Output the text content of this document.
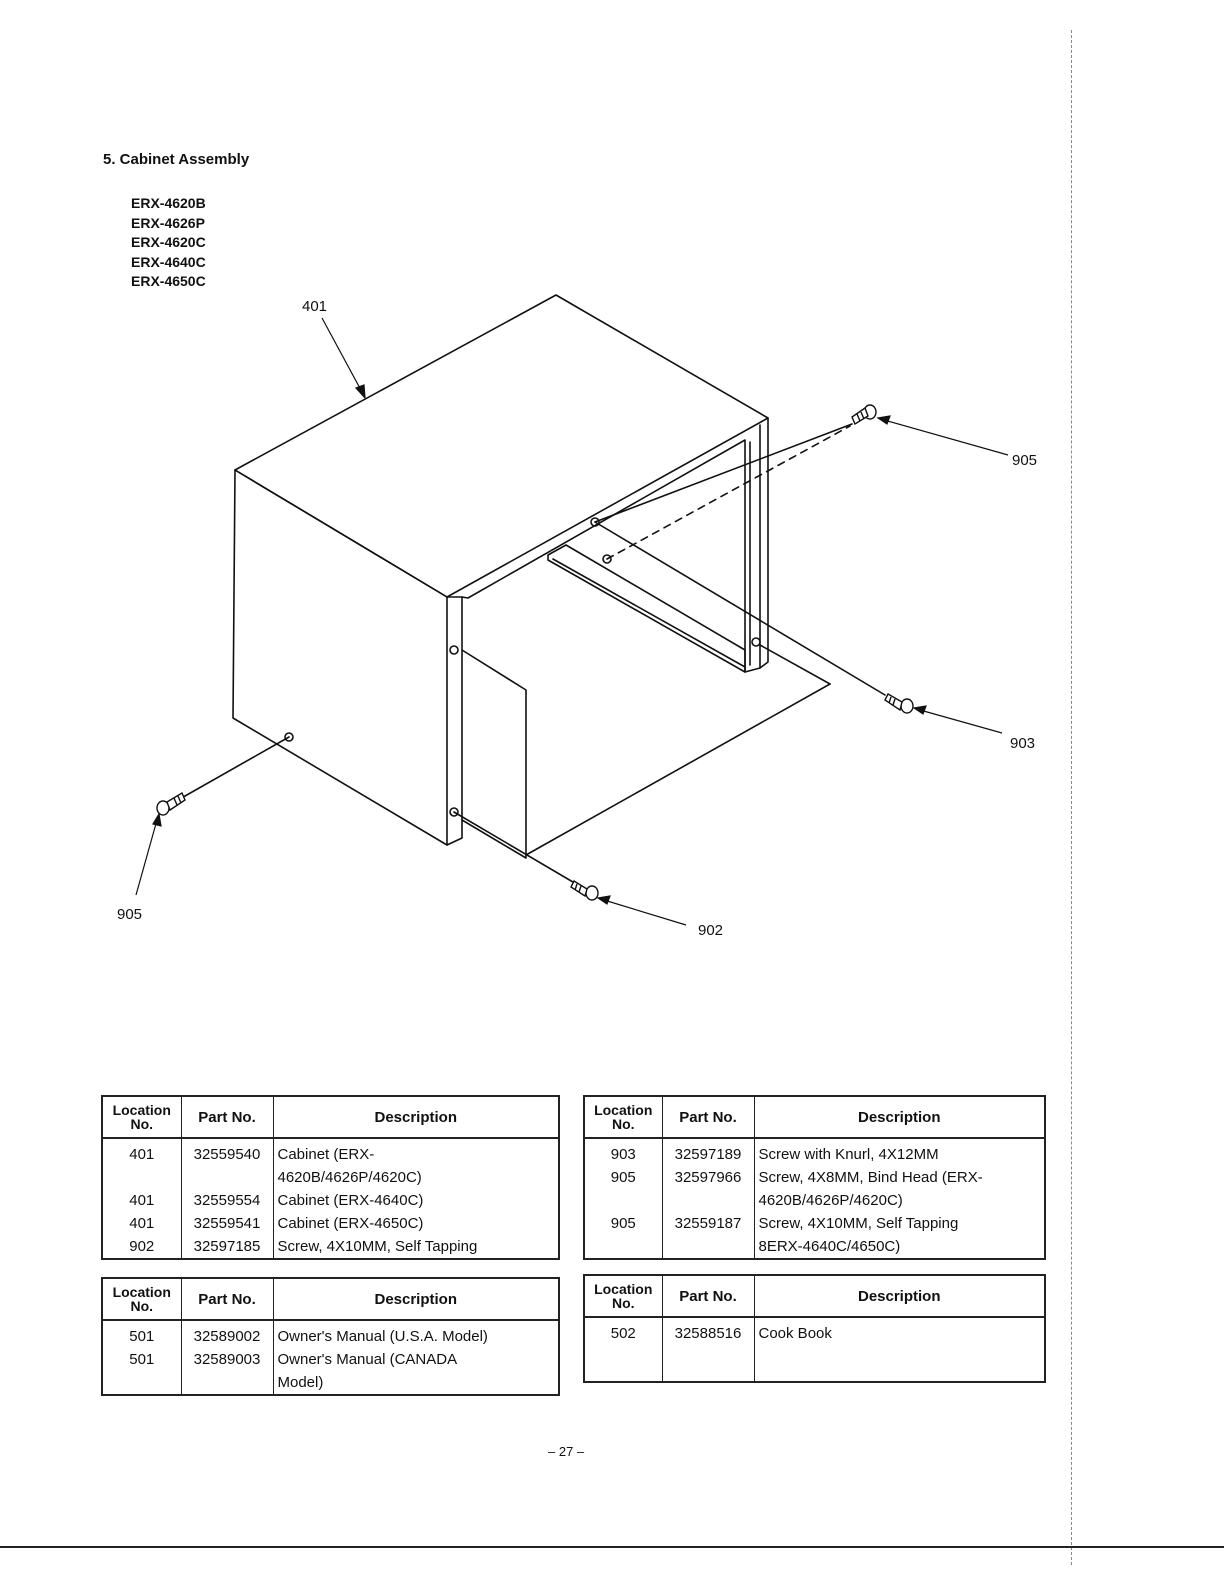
5. Cabinet Assembly
ERX-4620B
ERX-4626P
ERX-4620C
ERX-4640C
ERX-4650C
401
905
903
905
902
Location
No.	Part No.	Description
401	32559540	Cabinet (ERX-
4620B/4626P/4620C)
401	32559554	Cabinet (ERX-4640C)
401	32559541	Cabinet (ERX-4650C)
902	32597185	Screw, 4X10MM, Self Tapping
Location
No.	Part No.	Description
903	32597189	Screw with Knurl, 4X12MM
905	32597966	Screw, 4X8MM, Bind Head (ERX-
4620B/4626P/4620C)
905	32559187	Screw, 4X10MM, Self Tapping
8ERX-4640C/4650C)
Location
No.	Part No.	Description
501	32589002	Owner's Manual (U.S.A. Model)
501	32589003	Owner's Manual (CANADA
Model)
Location
No.	Part No.	Description
502	32588516	Cook Book

– 27 –
